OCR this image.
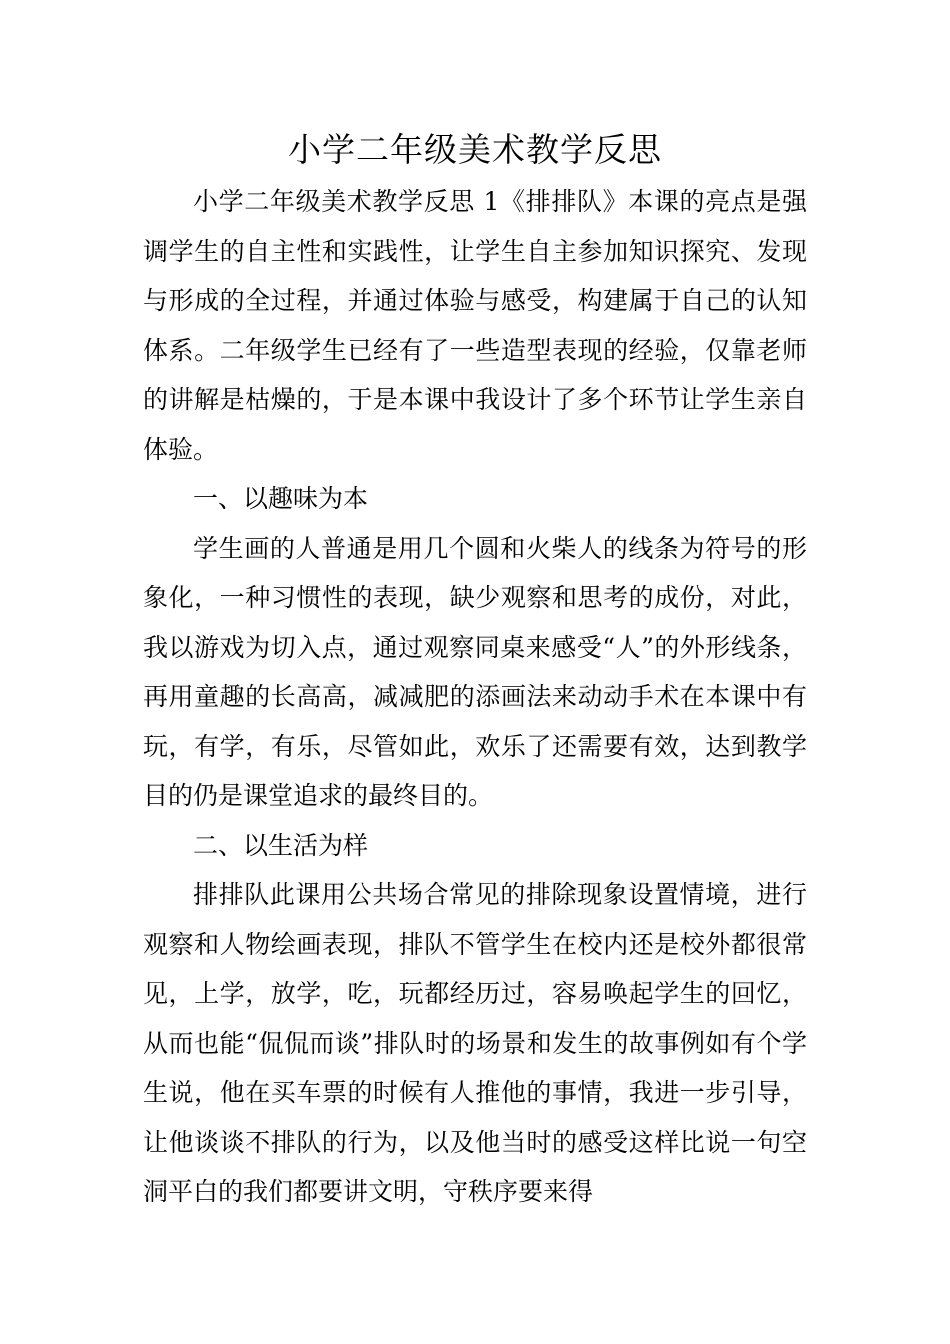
小学二年级美术教学反思

小学二年级美术教学反思 1《排排队》本课的亮点是强调学生的自主性和实践性，让学生自主参加知识探究、发现与形成的全过程，并通过体验与感受，构建属于自己的认知体系。二年级学生已经有了一些造型表现的经验，仅靠老师的讲解是枯燥的，于是本课中我设计了多个环节让学生亲自体验。

一、以趣味为本

学生画的人普通是用几个圆和火柴人的线条为符号的形象化，一种习惯性的表现，缺少观察和思考的成份，对此，我以游戏为切入点，通过观察同桌来感受“人”的外形线条，再用童趣的长高高，减减肥的添画法来动动手术在本课中有玩，有学，有乐，尽管如此，欢乐了还需要有效，达到教学目的仍是课堂追求的最终目的。

二、以生活为样

排排队此课用公共场合常见的排除现象设置情境，进行观察和人物绘画表现，排队不管学生在校内还是校外都很常见，上学，放学，吃，玩都经历过，容易唤起学生的回忆，从而也能“侃侃而谈”排队时的场景和发生的故事例如有个学生说，他在买车票的时候有人推他的事情，我进一步引导，让他谈谈不排队的行为，以及他当时的感受这样比说一句空洞平白的我们都要讲文明，守秩序要来得
